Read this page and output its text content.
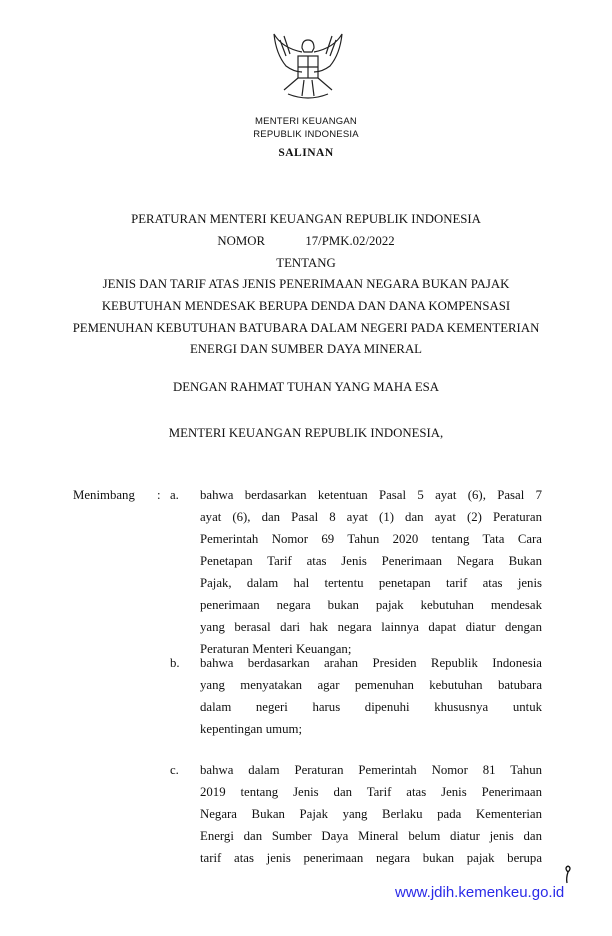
MENTERI KEUANGAN
REPUBLIK INDONESIA
SALINAN
PERATURAN MENTERI KEUANGAN REPUBLIK INDONESIA
NOMOR	17/PMK.02/2022
TENTANG
JENIS DAN TARIF ATAS JENIS PENERIMAAN NEGARA BUKAN PAJAK
KEBUTUHAN MENDESAK BERUPA DENDA DAN DANA KOMPENSASI
PEMENUHAN KEBUTUHAN BATUBARA DALAM NEGERI PADA KEMENTERIAN
ENERGI DAN SUMBER DAYA MINERAL
DENGAN RAHMAT TUHAN YANG MAHA ESA
MENTERI KEUANGAN REPUBLIK INDONESIA,
Menimbang : a. bahwa berdasarkan ketentuan Pasal 5 ayat (6), Pasal 7
ayat (6), dan Pasal 8 ayat (1) dan ayat (2) Peraturan
Pemerintah Nomor 69 Tahun 2020 tentang Tata Cara
Penetapan Tarif atas Jenis Penerimaan Negara Bukan
Pajak, dalam hal tertentu penetapan tarif atas jenis
penerimaan negara bukan pajak kebutuhan mendesak
yang berasal dari hak negara lainnya dapat diatur dengan
Peraturan Menteri Keuangan;
b. bahwa berdasarkan arahan Presiden Republik Indonesia
yang menyatakan agar pemenuhan kebutuhan batubara
dalam negeri harus dipenuhi khususnya untuk
kepentingan umum;
c. bahwa dalam Peraturan Pemerintah Nomor 81 Tahun
2019 tentang Jenis dan Tarif atas Jenis Penerimaan
Negara Bukan Pajak yang Berlaku pada Kementerian
Energi dan Sumber Daya Mineral belum diatur jenis dan
tarif atas jenis penerimaan negara bukan pajak berupa
www.jdih.kemenkeu.go.id
